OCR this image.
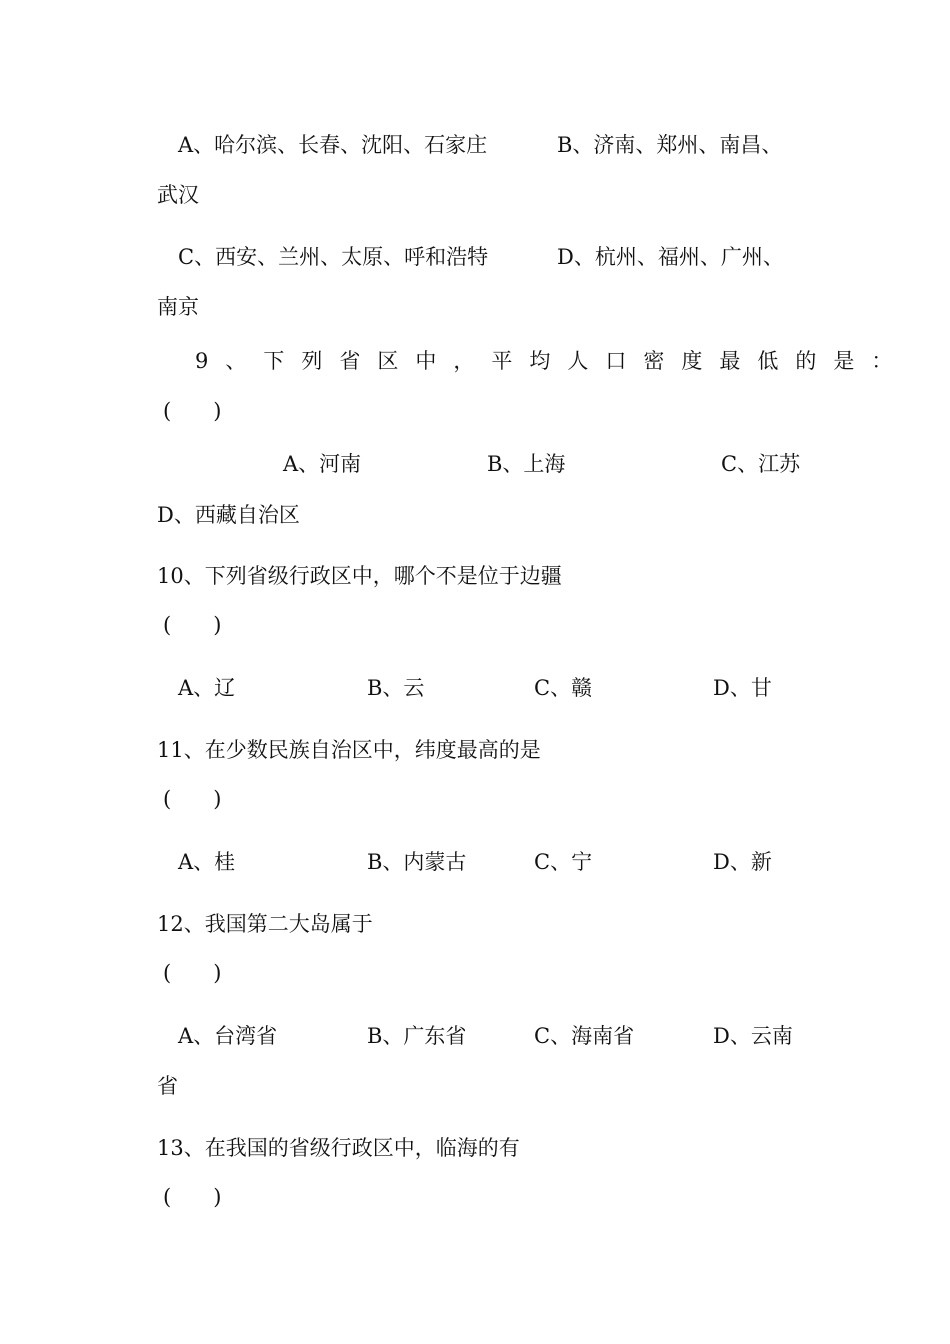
A、哈尔滨、长春、沈阳、石家庄	B、济南、郑州、南昌、
武汉
C、西安、兰州、太原、呼和浩特	D、杭州、福州、广州、
南京
9、下列省区中，平均人口密度最低的是：
(　　)
A、河南	B、上海	C、江苏
D、西藏自治区
10、下列省级行政区中，哪个不是位于边疆
(　　)
A、辽	B、云	C、赣	D、甘
11、在少数民族自治区中，纬度最高的是
(　　)
A、桂	B、内蒙古	C、宁	D、新
12、我国第二大岛属于
(　　)
A、台湾省	B、广东省	C、海南省	D、云南
省
13、在我国的省级行政区中，临海的有
(　　)
